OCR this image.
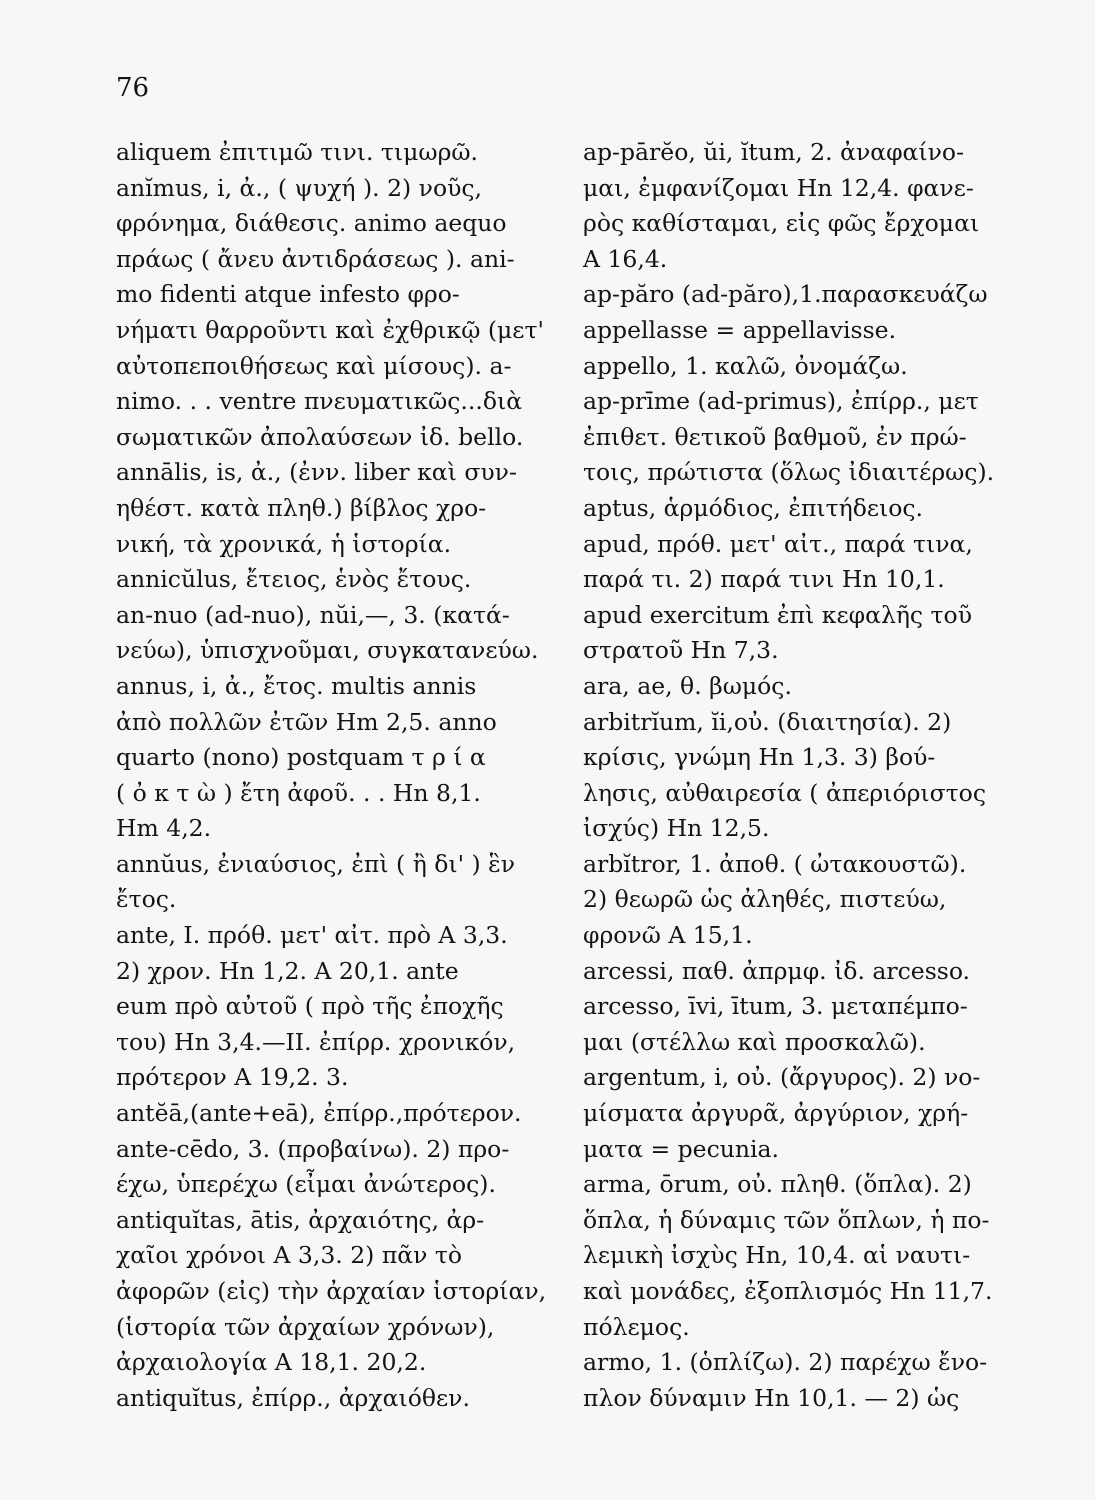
76
aliquem ἐπιτιμῶ τινι. τιμωρῶ.
anĭmus, i, ἀ., ( ψυχή ). 2) νοῦς,
φρόνημα, διάθεσις. animo aequo
πράως ( ἄνευ ἀντιδράσεως ). ani-
mo fidenti atque infesto φρο-
νήματι θαρροῦντι καὶ ἐχθρικῷ (μετ'
αὐτοπεποιθήσεως καὶ μίσους). a-
nimo. . . ventre πνευματικῶς...διὰ
σωματικῶν ἀπολαύσεων ἰδ. bello.
annālis, is, ἀ., (ἐνν. liber καὶ συν-
ηθέστ. κατὰ πληθ.) βίβλος χρο-
νική, τὰ χρονικά, ἡ ἱστορία.
annicŭlus, ἔτειος, ἑνὸς ἔτους.
an-nuo (ad-nuo), nŭi,—, 3. (κατά-
νεύω), ὑπισχνοῦμαι, συγκατανεύω.
annus, i, ἀ., ἔτος. multis annis
ἀπὸ πολλῶν ἐτῶν Hm 2,5. anno
quarto (nono) postquam τ ρ ί α
( ὀ κ τ ὼ ) ἔτη ἀφοῦ. . . Hn 8,1.
Hm 4,2.
annŭus, ἐνιαύσιος, ἐπὶ ( ἢ δι' ) ἓν
ἔτος.
ante, I. πρόθ. μετ' αἰτ. πρὸ A 3,3.
2) χρον. Hn 1,2. A 20,1. ante
eum πρὸ αὐτοῦ ( πρὸ τῆς ἐποχῆς
του) Hn 3,4.—II. ἐπίρρ. χρονικόν,
πρότερον A 19,2. 3.
antĕā,(ante+eā), ἐπίρρ.,πρότερον.
ante-cēdo, 3. (προβαίνω). 2) προ-
έχω, ὑπερέχω (εἶμαι ἀνώτερος).
antiquĭtas, ātis, ἀρχαιότης, ἀρ-
χαῖοι χρόνοι A 3,3. 2) πᾶν τὸ
ἀφορῶν (εἰς) τὴν ἀρχαίαν ἱστορίαν,
(ἱστορία τῶν ἀρχαίων χρόνων),
ἀρχαιολογία A 18,1. 20,2.
antiquĭtus, ἐπίρρ., ἀρχαιόθεν.
ap-pārĕo, ŭi, ĭtum, 2. ἀναφαίνο-
μαι, ἐμφανίζομαι Hn 12,4. φανε-
ρὸς καθίσταμαι, εἰς φῶς ἔρχομαι
A 16,4.
ap-păro (ad-păro),1.παρασκευάζω
appellasse = appellavisse.
appello, 1. καλῶ, ὀνομάζω.
ap-prīme (ad-primus), ἐπίρρ., μετ
ἐπιθετ. θετικοῦ βαθμοῦ, ἐν πρώ-
τοις, πρώτιστα (ὅλως ἰδιαιτέρως).
aptus, ἁρμόδιος, ἐπιτήδειος.
apud, πρόθ. μετ' αἰτ., παρά τινα,
παρά τι. 2) παρά τινι Hn 10,1.
apud exercitum ἐπὶ κεφαλῆς τοῦ
στρατοῦ Hn 7,3.
ara, ae, θ. βωμός.
arbitrĭum, ĭi,οὐ. (διαιτησία). 2)
κρίσις, γνώμη Hn 1,3. 3) βού-
λησις, αὐθαιρεσία ( ἀπεριόριστος
ἰσχύς) Hn 12,5.
arbĭtror, 1. ἀποθ. ( ὠτακουστῶ).
2) θεωρῶ ὡς ἀληθές, πιστεύω,
φρονῶ A 15,1.
arcessi, παθ. ἀπρμφ. ἰδ. arcesso.
arcesso, īvi, ītum, 3. μεταπέμπο-
μαι (στέλλω καὶ προσκαλῶ).
argentum, i, οὐ. (ἄργυρος). 2) νο-
μίσματα ἀργυρᾶ, ἀργύριον, χρή-
ματα = pecunia.
arma, ōrum, οὐ. πληθ. (ὅπλα). 2)
ὅπλα, ἡ δύναμις τῶν ὅπλων, ἡ πο-
λεμικὴ ἰσχὺς Hn, 10,4. αἱ ναυτι-
καὶ μονάδες, ἐξοπλισμός Hn 11,7.
πόλεμος.
armo, 1. (ὁπλίζω). 2) παρέχω ἔνο-
πλον δύναμιν Hn 10,1. — 2) ὡς
